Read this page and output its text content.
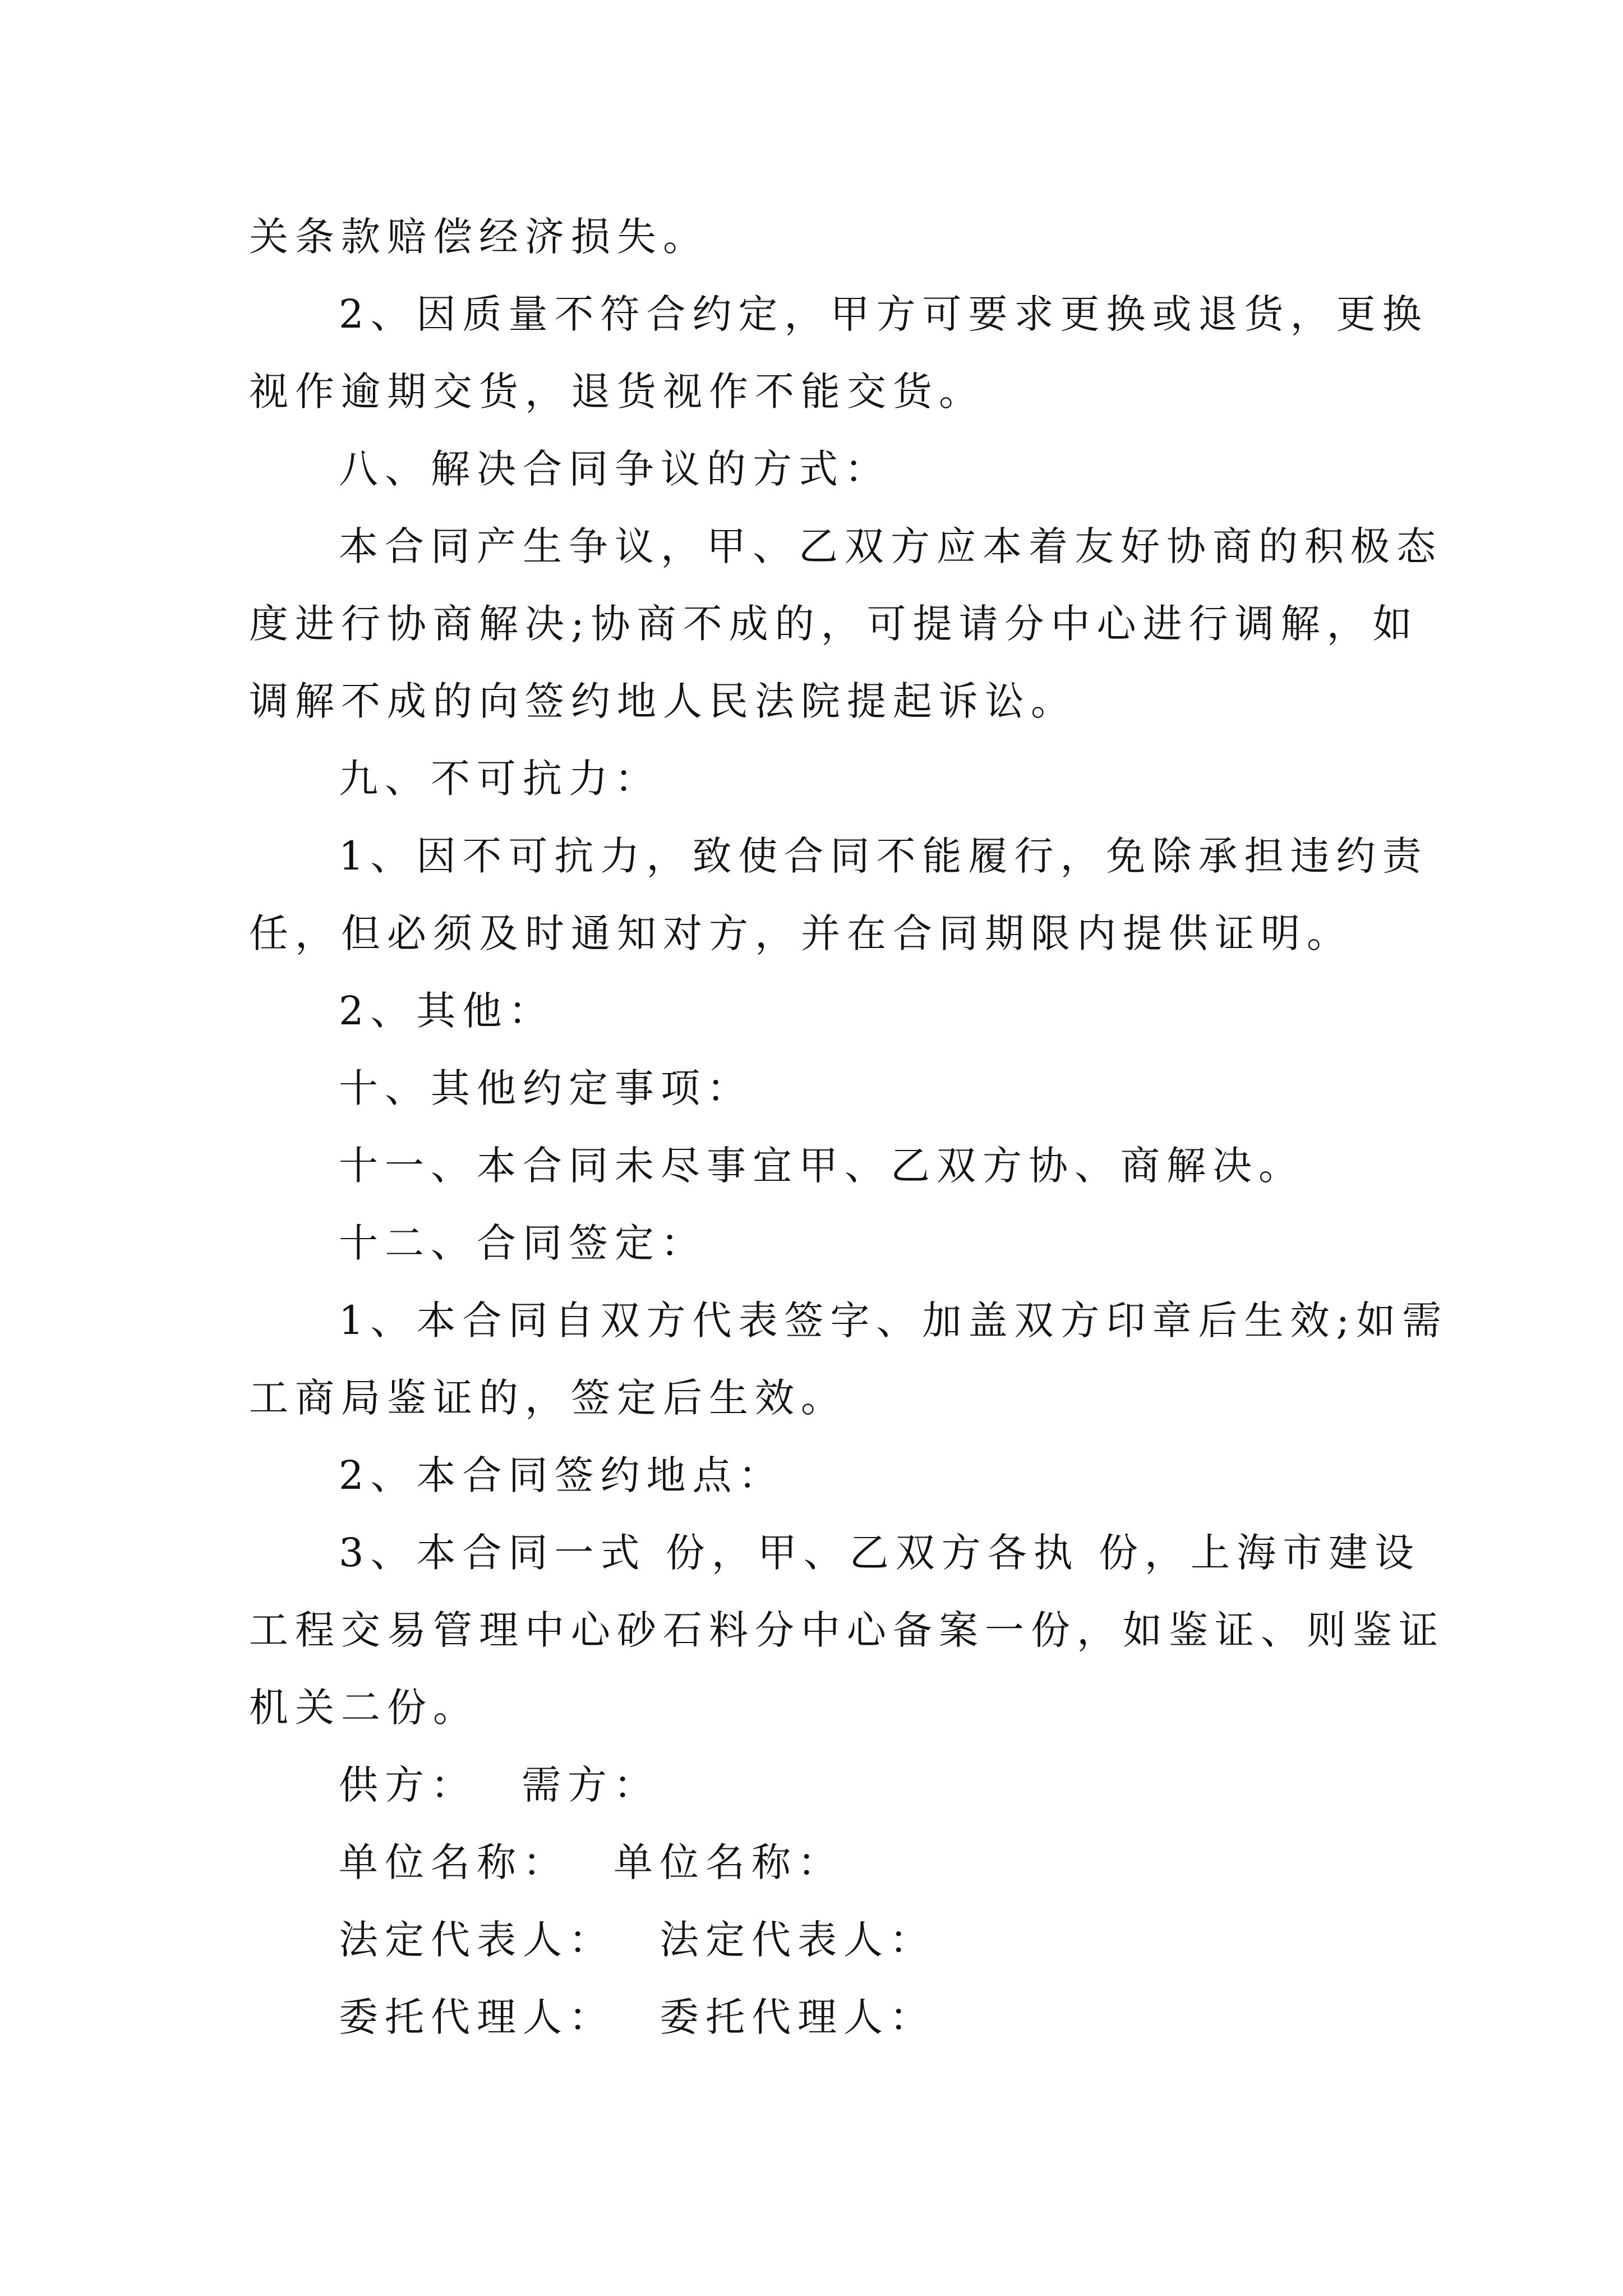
关条款赔偿经济损失。
2、因质量不符合约定，甲方可要求更换或退货，更换
视作逾期交货，退货视作不能交货。
八、解决合同争议的方式：
本合同产生争议，甲、乙双方应本着友好协商的积极态
度进行协商解决;协商不成的，可提请分中心进行调解，如
调解不成的向签约地人民法院提起诉讼。
九、不可抗力：
1、因不可抗力，致使合同不能履行，免除承担违约责
任，但必须及时通知对方，并在合同期限内提供证明。
2、其他：
十、其他约定事项：
十一、本合同未尽事宜甲、乙双方协、商解决。
十二、合同签定：
1、本合同自双方代表签字、加盖双方印章后生效;如需
工商局鉴证的，签定后生效。
2、本合同签约地点：
3、本合同一式 份，甲、乙双方各执 份，上海市建设
工程交易管理中心砂石料分中心备案一份，如鉴证、则鉴证
机关二份。
供方： 需方：
单位名称： 单位名称：
法定代表人： 法定代表人：
委托代理人： 委托代理人：
